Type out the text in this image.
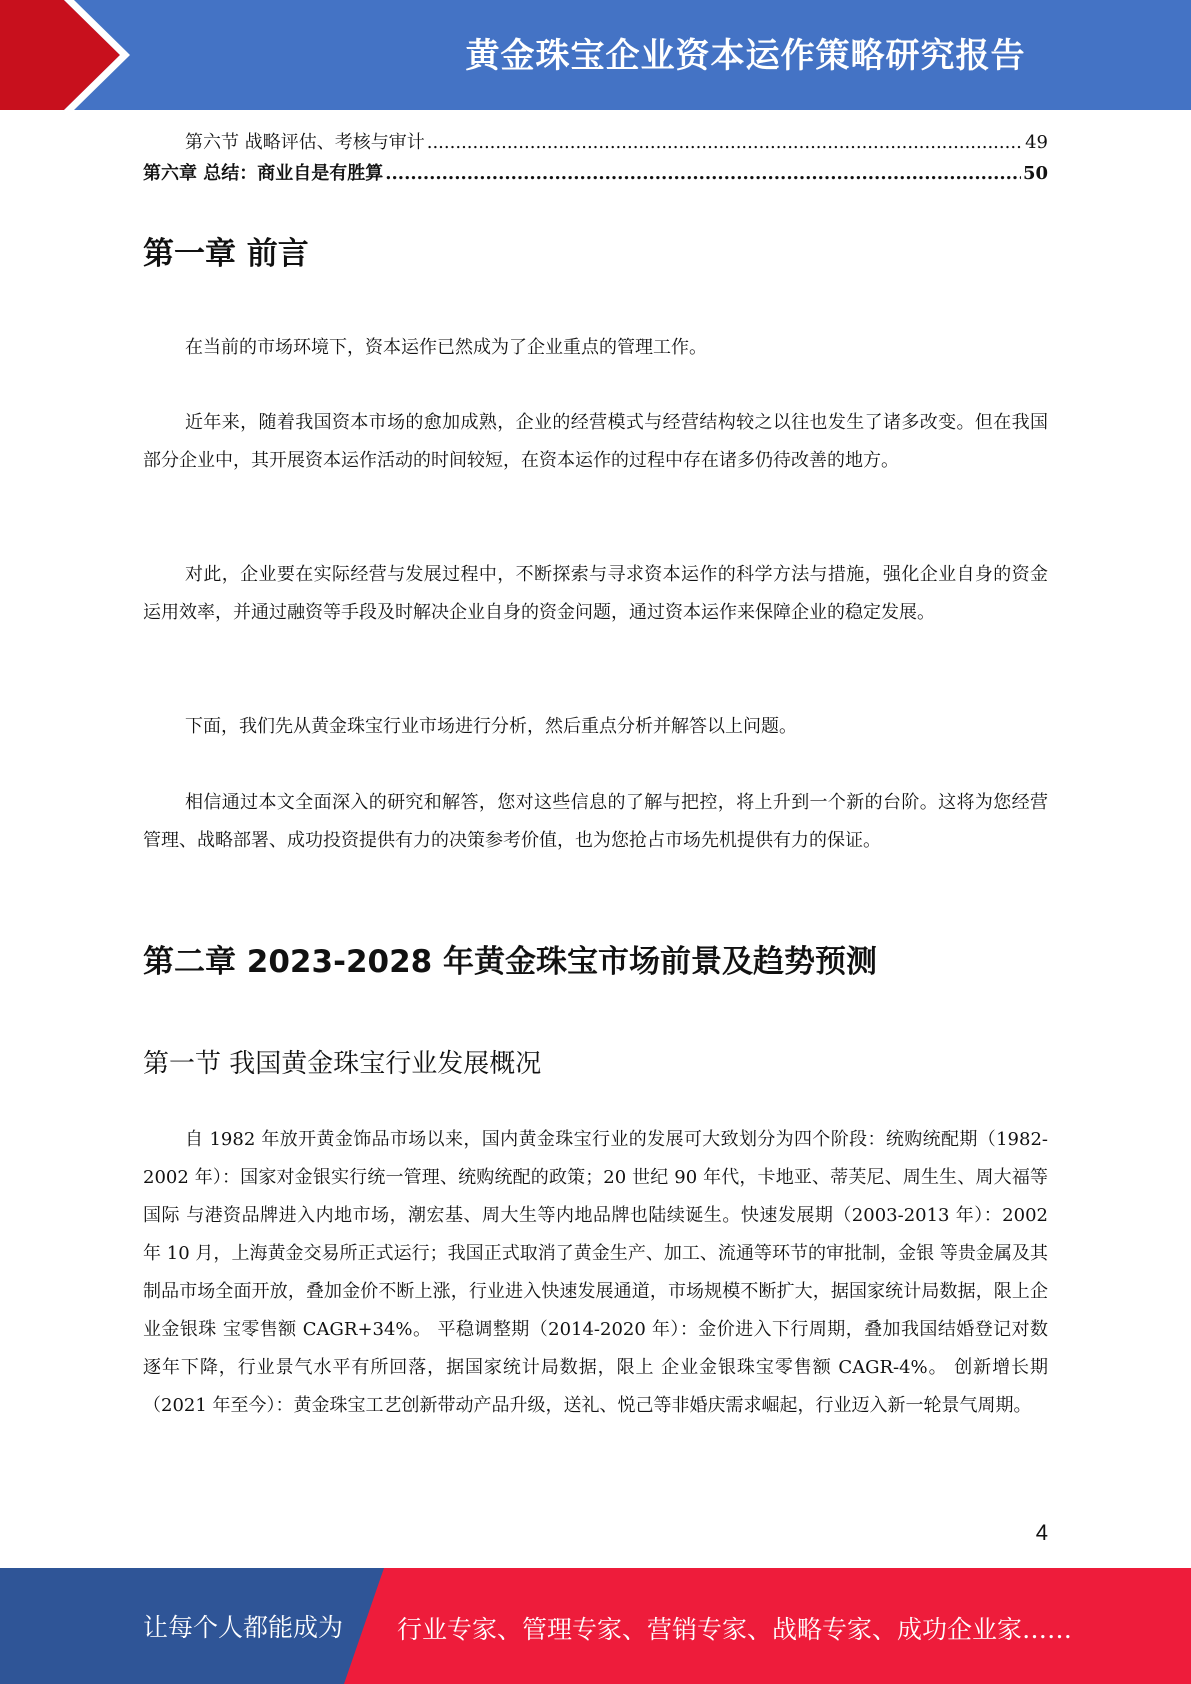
黄金珠宝企业资本运作策略研究报告
第六节 战略评估、考核与审计 .....	49
第六章 总结：商业自是有胜算 .....	50
第一章 前言

在当前的市场环境下，资本运作已然成为了企业重点的管理工作。

近年来，随着我国资本市场的愈加成熟，企业的经营模式与经营结构较之以往也发生了诸多改变。但在我国部分企业中，其开展资本运作活动的时间较短，在资本运作的过程中存在诸多仍待改善的地方。

对此，企业要在实际经营与发展过程中，不断探索与寻求资本运作的科学方法与措施，强化企业自身的资金运用效率，并通过融资等手段及时解决企业自身的资金问题，通过资本运作来保障企业的稳定发展。

下面，我们先从黄金珠宝行业市场进行分析，然后重点分析并解答以上问题。

相信通过本文全面深入的研究和解答，您对这些信息的了解与把控，将上升到一个新的台阶。这将为您经营管理、战略部署、成功投资提供有力的决策参考价值，也为您抢占市场先机提供有力的保证。

第二章 2023-2028 年黄金珠宝市场前景及趋势预测
第一节 我国黄金珠宝行业发展概况

自 1982 年放开黄金饰品市场以来，国内黄金珠宝行业的发展可大致划分为四个阶段：统购统配期（1982-2002 年）：国家对金银实行统一管理、统购统配的政策；20 世纪 90 年代，卡地亚、蒂芙尼、周生生、周大福等国际 与港资品牌进入内地市场，潮宏基、周大生等内地品牌也陆续诞生。快速发展期（2003-2013 年）：2002 年 10 月，上海黄金交易所正式运行；我国正式取消了黄金生产、加工、流通等环节的审批制，金银 等贵金属及其制品市场全面开放，叠加金价不断上涨，行业进入快速发展通道，市场规模不断扩大，据国家统计局数据，限上企业金银珠 宝零售额 CAGR+34%。 平稳调整期（2014-2020 年）：金价进入下行周期，叠加我国结婚登记对数逐年下降，行业景气水平有所回落，据国家统计局数据，限上 企业金银珠宝零售额 CAGR-4%。 创新增长期（2021 年至今）：黄金珠宝工艺创新带动产品升级，送礼、悦己等非婚庆需求崛起，行业迈入新一轮景气周期。

4
让每个人都能成为 行业专家、管理专家、营销专家、战略专家、成功企业家……
